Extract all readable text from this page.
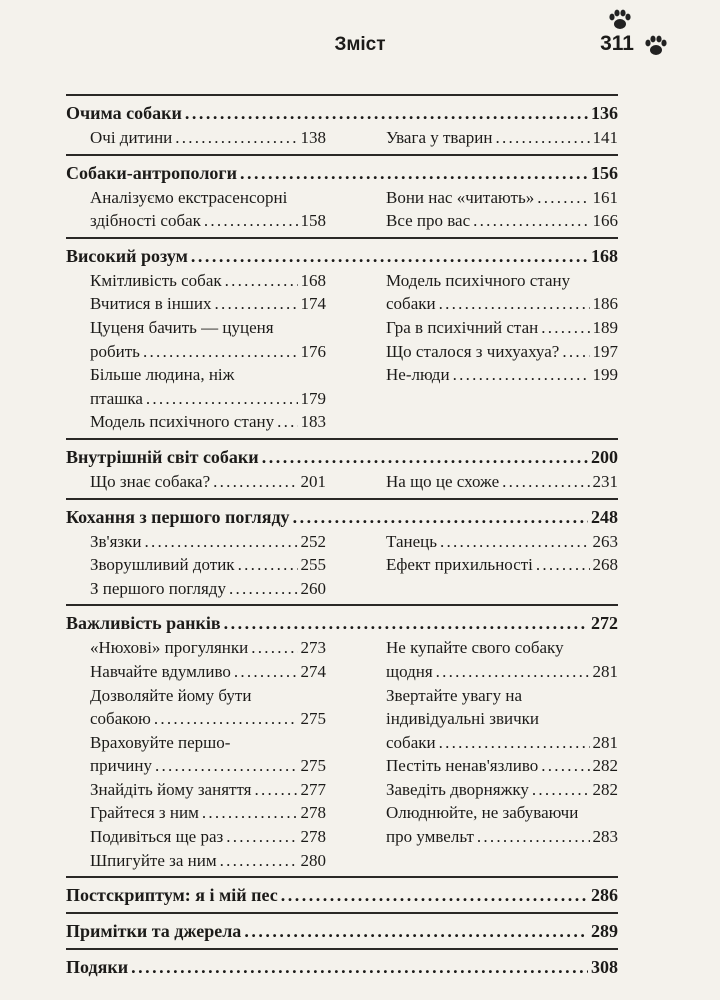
Зміст	311
Очима собаки . . .	136
Очі дитини . . .	138	Увага у тварин . . .	141
Собаки-антропологи . . .	156
Аналізуємо екстрасенсорні
здібності собак . . .	158
Вони нас «читають» . . .	161
Все про вас . . .	166
Високий розум . . .	168
Кмітливість собак . . .	168
Вчитися в інших . . .	174
Цуценя бачить — цуценя
робить . . .	176
Більше людина, ніж
пташка . . .	179
Модель психічного стану . . . 183
Модель психічного стану
собаки . . .	186
Гра в психічний стан . . .	189
Що сталося з чихуахуа? . . . 197
Не-люди . . .	199
Внутрішній світ собаки . . .	200
Що знає собака? . . .	201	На що це схоже . . .	231
Кохання з першого погляду . . .	248
Зв'язки . . .	252
Зворушливий дотик . . .	255
З першого погляду . . .	260
Танець . . .	263
Ефект прихильності . . .	268
Важливість ранків . . .	272
«Нюхові» прогулянки . . .	273
Навчайте вдумливо . . .	274
Дозволяйте йому бути
собакою . . .	275
Враховуйте першо-
причину . . .	275
Знайдіть йому заняття . . .	277
Грайтеся з ним . . .	278
Подивіться ще раз . . .	278
Шпигуйте за ним . . .	280
Не купайте свого собаку
щодня . . .	281
Звертайте увагу на
індивідуальні звички
собаки . . .	281
Пестіть ненав'язливо . . .	282
Заведіть дворняжку . . .	282
Олюднюйте, не забуваючи
про умвельт . . .	283
Постскриптум: я і мій пес . . .	286
Примітки та джерела . . .	289
Подяки . . .	308
